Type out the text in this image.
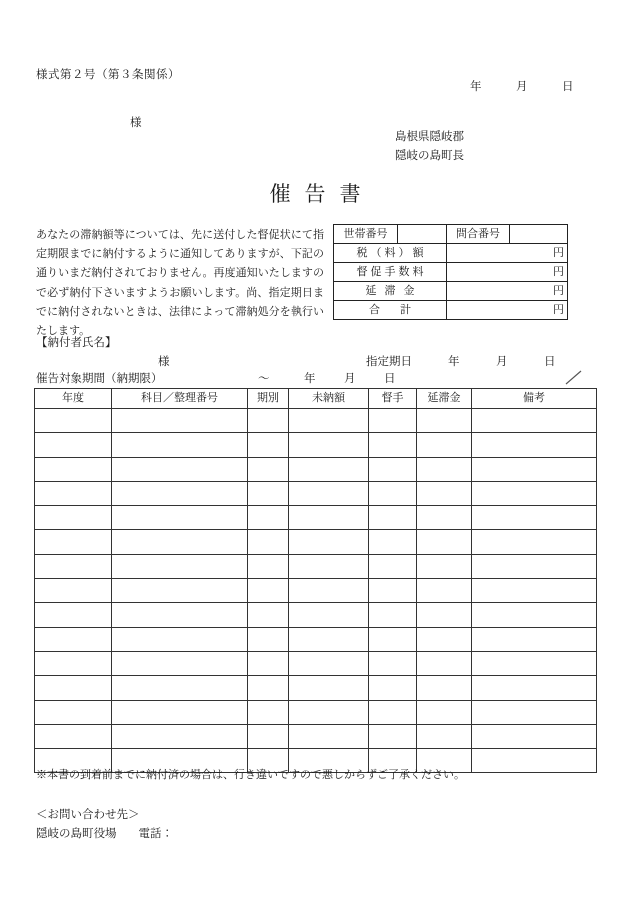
様式第２号（第３条関係）
年	月	日
様
島根県隠岐郡
隠岐の島町長
催告書
あなたの滞納額等については、先に送付した督促状にて指定期限までに納付するように通知してありますが、下記の通りいまだ納付されておりません。再度通知いたしますので必ず納付下さいますようお願いします。尚、指定期日までに納付されないときは、法律によって滞納処分を執行いたします。
世帯番号		問合番号	
税（料）額		円	
督促手数料		円	
延滞金		円	
合計		円	
【納付者氏名】
様	指定期日	年	月	日
催告対象期間（納期限）	～	年 月 日
年度	科目／整理番号	期別	未納額	督手	延滞金	備考

※本書の到着前までに納付済の場合は、行き違いですので悪しからずご了承ください。
＜お問い合わせ先＞
隠岐の島町役場 電話：
